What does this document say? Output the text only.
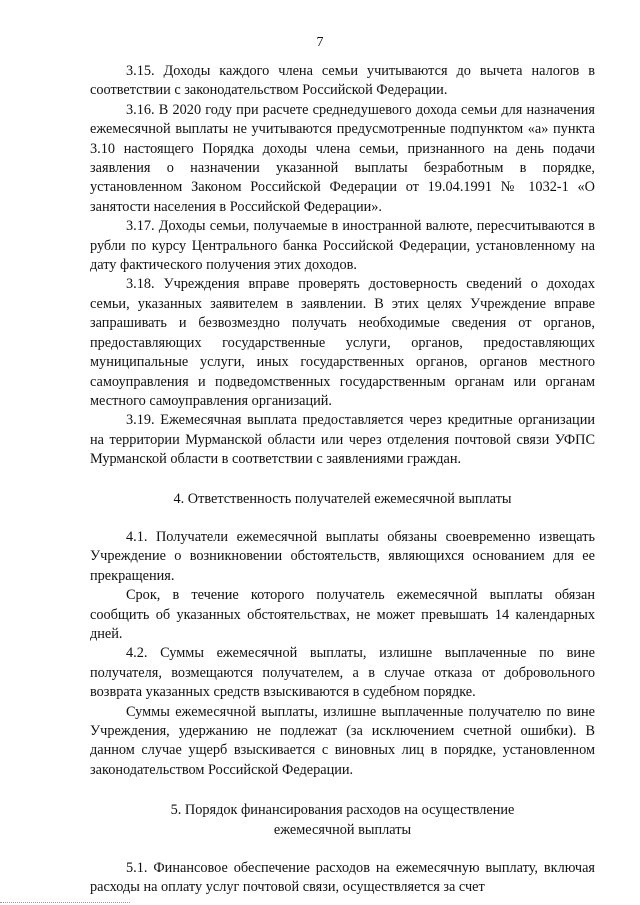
7

3.15. Доходы каждого члена семьи учитываются до вычета налогов в соответствии с законодательством Российской Федерации.

3.16. В 2020 году при расчете среднедушевого дохода семьи для назначения ежемесячной выплаты не учитываются предусмотренные подпунктом «а» пункта 3.10 настоящего Порядка доходы члена семьи, признанного на день подачи заявления о назначении указанной выплаты безработным в порядке, установленном Законом Российской Федерации от 19.04.1991 № 1032-1 «О занятости населения в Российской Федерации».

3.17. Доходы семьи, получаемые в иностранной валюте, пересчитываются в рубли по курсу Центрального банка Российской Федерации, установленному на дату фактического получения этих доходов.

3.18. Учреждения вправе проверять достоверность сведений о доходах семьи, указанных заявителем в заявлении. В этих целях Учреждение вправе запрашивать и безвозмездно получать необходимые сведения от органов, предоставляющих государственные услуги, органов, предоставляющих муниципальные услуги, иных государственных органов, органов местного самоуправления и подведомственных государственным органам или органам местного самоуправления организаций.

3.19. Ежемесячная выплата предоставляется через кредитные организации на территории Мурманской области или через отделения почтовой связи УФПС Мурманской области в соответствии с заявлениями граждан.

4. Ответственность получателей ежемесячной выплаты

4.1. Получатели ежемесячной выплаты обязаны своевременно извещать Учреждение о возникновении обстоятельств, являющихся основанием для ее прекращения.

Срок, в течение которого получатель ежемесячной выплаты обязан сообщить об указанных обстоятельствах, не может превышать 14 календарных дней.

4.2. Суммы ежемесячной выплаты, излишне выплаченные по вине получателя, возмещаются получателем, а в случае отказа от добровольного возврата указанных средств взыскиваются в судебном порядке.

Суммы ежемесячной выплаты, излишне выплаченные получателю по вине Учреждения, удержанию не подлежат (за исключением счетной ошибки). В данном случае ущерб взыскивается с виновных лиц в порядке, установленном законодательством Российской Федерации.

5. Порядок финансирования расходов на осуществление
ежемесячной выплаты

5.1. Финансовое обеспечение расходов на ежемесячную выплату, включая расходы на оплату услуг почтовой связи, осуществляется за счет
